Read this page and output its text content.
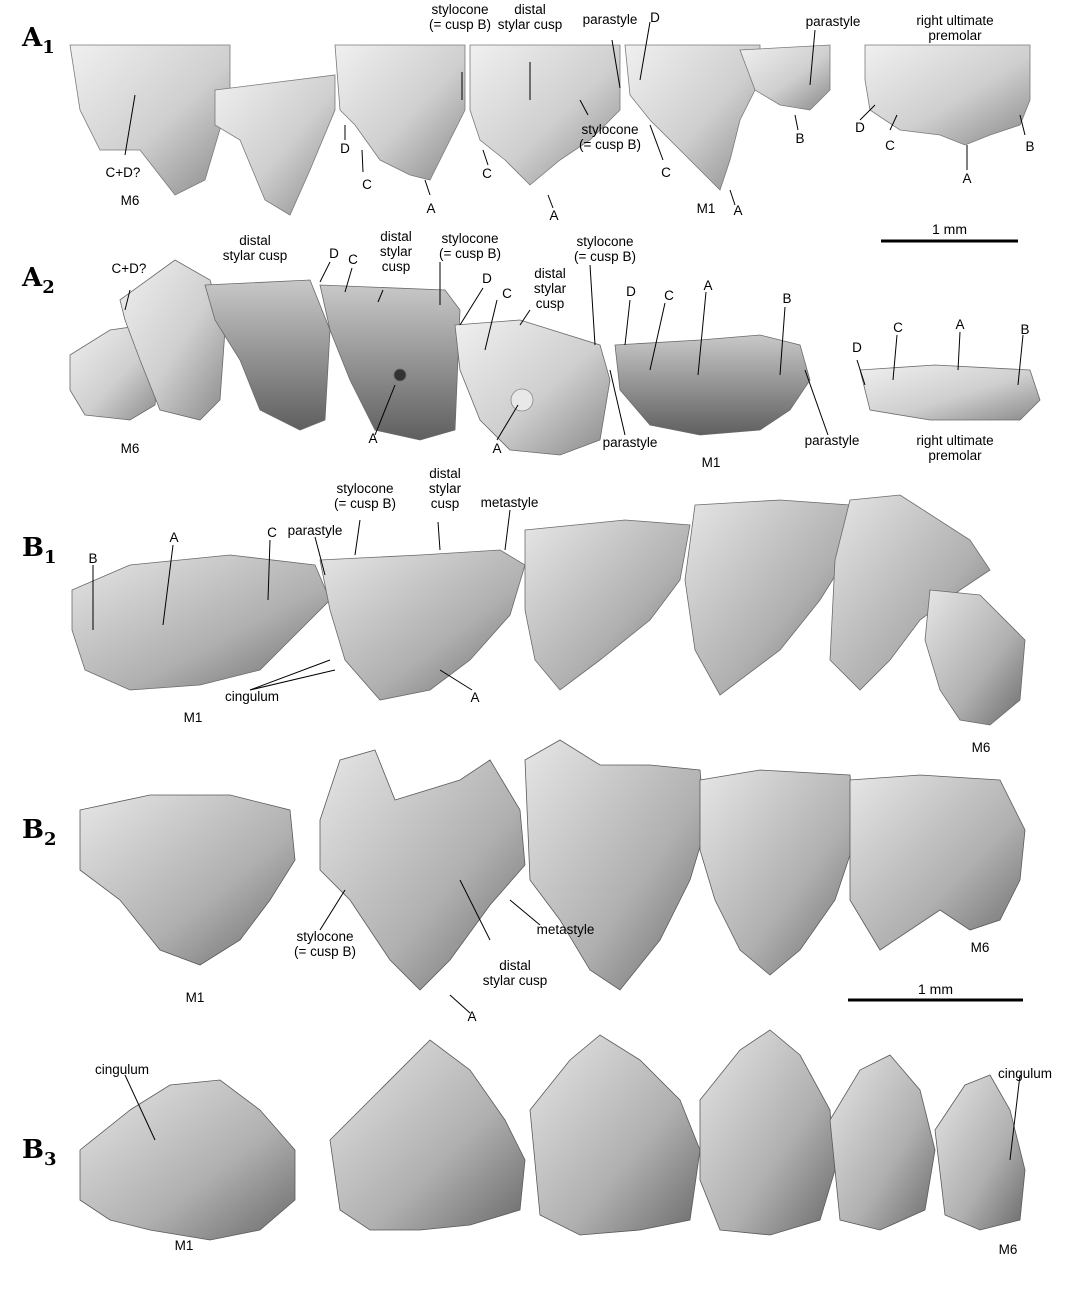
$A_1$
$A_2$
$B_1$
$B_2$
$B_3$
1 mm
1 mm
stylocone
(= cusp B)
distal
stylar cusp	parastyle D	parastyle	right ultimate
premolar
C+D?
M6
D
C
A
C
A
stylocone
(= cusp B)
C
M1	A
B
D
C
A
B
C+D?
distal
stylar cusp	D C
distal
stylar
cusp
stylocone
(= cusp B)
D
C
distal
stylar
cusp
stylocone
(= cusp B)
D	C
A
B
M6
A
A	parastyle
M1
parastyle
D
C	A	B
right ultimate
premolar
B
A	C parastyle
stylocone
(= cusp B)
distal
stylar
cusp	metastyle
cingulum	A
M1
M6
stylocone
(= cusp B)
distal
stylar cusp
metastyle
M1
A
M6
cingulum	cingulum
M1	M6
